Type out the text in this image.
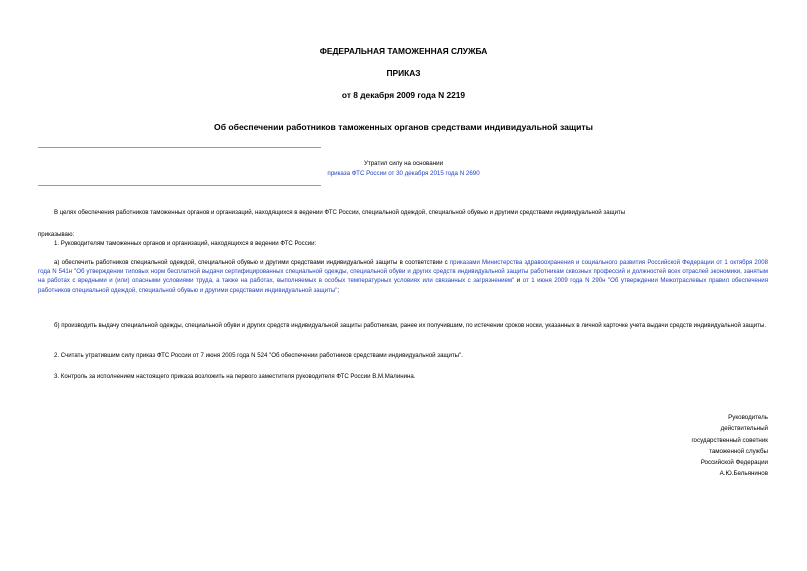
ФЕДЕРАЛЬНАЯ ТАМОЖЕННАЯ СЛУЖБА
ПРИКАЗ
от 8 декабря 2009 года N 2219
Об обеспечении работников таможенных органов средствами индивидуальной защиты
Утратил силу на основании
приказа ФТС России от 30 декабря 2015 года N 2690
В целях обеспечения работников таможенных органов и организаций, находящихся в ведении ФТС России, специальной одеждой, специальной обувью и другими средствами индивидуальной защиты
приказываю:
1. Руководителям таможенных органов и организаций, находящихся в ведении ФТС России:
а) обеспечить работников специальной одеждой, специальной обувью и другими средствами индивидуальной защиты в соответствии с приказами Министерства здравоохранения и социального развития Российской Федерации от 1 октября 2008 года N 541н "Об утверждении типовых норм бесплатной выдачи сертифицированных специальной одежды, специальной обуви и других средств индивидуальной защиты работникам сквозных профессий и должностей всех отраслей экономики, занятым на работах с вредными и (или) опасными условиями труда, а также на работах, выполняемых в особых температурных условиях или связанных с загрязнением" и от 1 июня 2009 года N 290н "Об утверждении Межотраслевых правил обеспечения работников специальной одеждой, специальной обувью и другими средствами индивидуальной защиты";
б) производить выдачу специальной одежды, специальной обуви и других средств индивидуальной защиты работникам, ранее их получившим, по истечении сроков носки, указанных в личной карточке учета выдачи средств индивидуальной защиты.
2. Считать утратившим силу приказ ФТС России от 7 июня 2005 года N 524 "Об обеспечении работников средствами индивидуальной защиты".
3. Контроль за исполнением настоящего приказа возложить на первого заместителя руководителя ФТС России В.М.Малинина.
Руководитель
действительный
государственный советник
таможенной службы
Российской Федерации
А.Ю.Бельянинов
